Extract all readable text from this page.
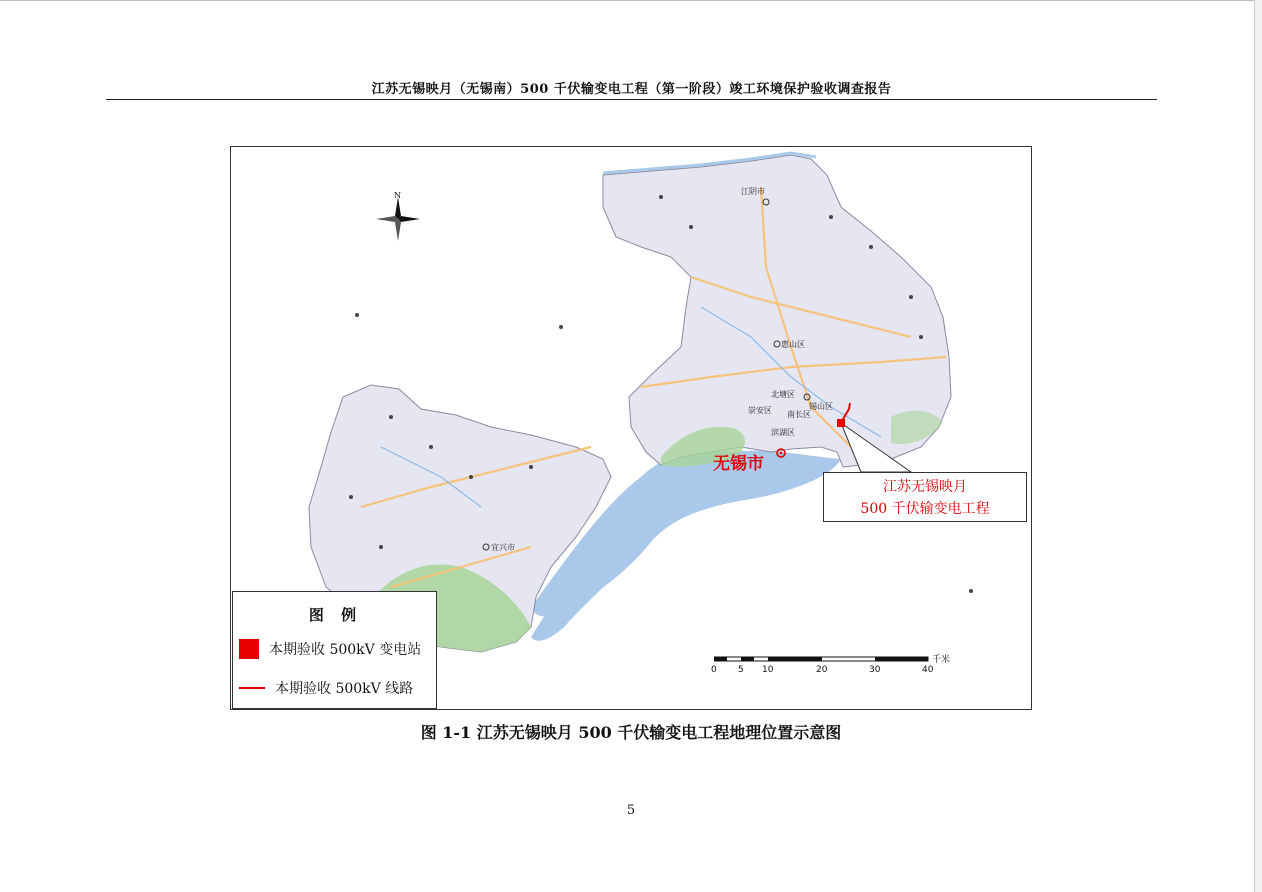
江苏无锡映月（无锡南）500 千伏输变电工程（第一阶段）竣工环境保护验收调查报告
N	江阴市
惠山区
北塘区
锡山区
崇安区 南长区
滨湖区
宜兴市
无锡市
江苏无锡映月
500 千伏输变电工程
0 5 10	20	30	40
千米
图 例
本期验收 500kV 变电站
本期验收 500kV 线路
图 1-1 江苏无锡映月 500 千伏输变电工程地理位置示意图
5
